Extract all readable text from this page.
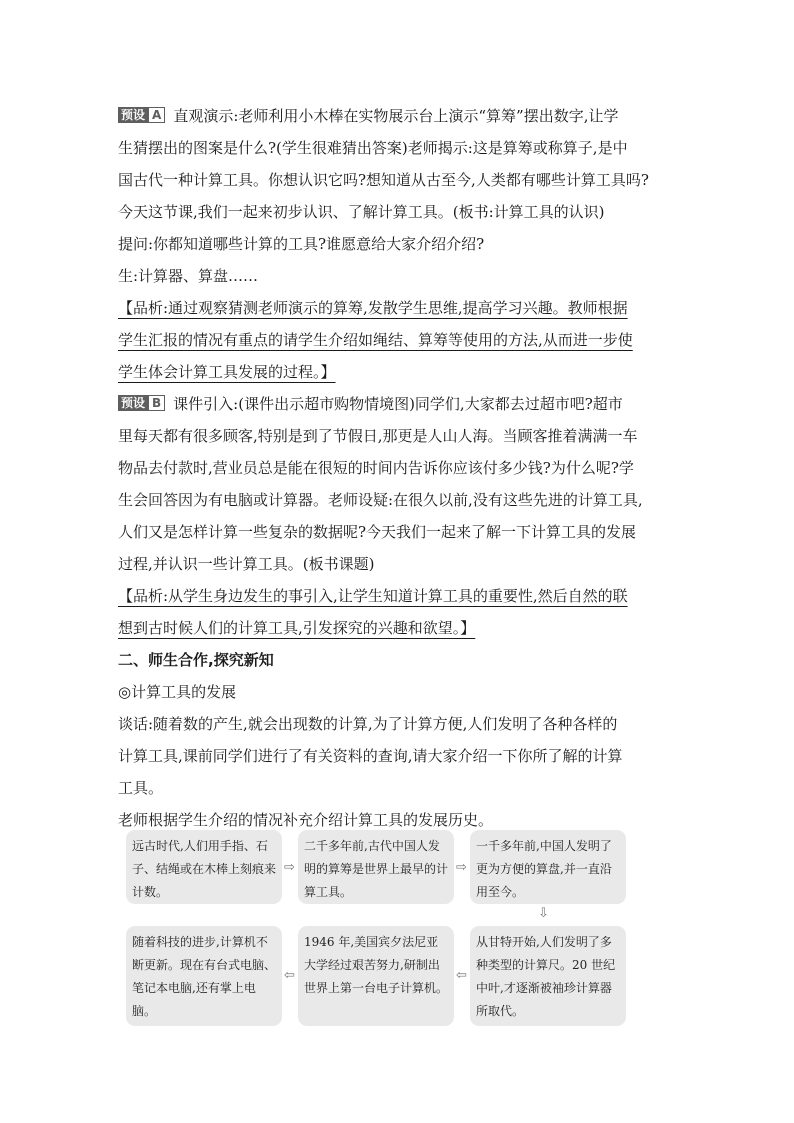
预设 A 直观演示:老师利用小木棒在实物展示台上演示“算筹”摆出数字,让学

生猜摆出的图案是什么?(学生很难猜出答案)老师揭示:这是算筹或称算子,是中

国古代一种计算工具。你想认识它吗?想知道从古至今,人类都有哪些计算工具吗?

今天这节课,我们一起来初步认识、了解计算工具。(板书:计算工具的认识)

提问:你都知道哪些计算的工具?谁愿意给大家介绍介绍?

生:计算器、算盘……

【品析:通过观察猜测老师演示的算筹,发散学生思维,提高学习兴趣。教师根据

学生汇报的情况有重点的请学生介绍如绳结、算筹等使用的方法,从而进一步使

学生体会计算工具发展的过程。】

预设 B 课件引入:(课件出示超市购物情境图)同学们,大家都去过超市吧?超市

里每天都有很多顾客,特别是到了节假日,那更是人山人海。当顾客推着满满一车

物品去付款时,营业员总是能在很短的时间内告诉你应该付多少钱?为什么呢?学

生会回答因为有电脑或计算器。老师设疑:在很久以前,没有这些先进的计算工具,

人们又是怎样计算一些复杂的数据呢?今天我们一起来了解一下计算工具的发展

过程,并认识一些计算工具。(板书课题)

【品析:从学生身边发生的事引入,让学生知道计算工具的重要性,然后自然的联

想到古时候人们的计算工具,引发探究的兴趣和欲望。】

二、师生合作,探究新知

◎计算工具的发展

谈话:随着数的产生,就会出现数的计算,为了计算方便,人们发明了各种各样的

计算工具,课前同学们进行了有关资料的查询,请大家介绍一下你所了解的计算

工具。

老师根据学生介绍的情况补充介绍计算工具的发展历史。

远古时代,人们用手指、石子、结绳或在木棒上刻痕来计数。
⇨
二千多年前,古代中国人发明的算筹是世界上最早的计算工具。
⇨
一千多年前,中国人发明了更为方便的算盘,并一直沿用至今。
⇩
随着科技的进步,计算机不断更新。现在有台式电脑、笔记本电脑,还有掌上电脑。
⇦
1946 年,美国宾夕法尼亚大学经过艰苦努力,研制出世界上第一台电子计算机。
⇦
从甘特开始,人们发明了多种类型的计算尺。20 世纪中叶,才逐渐被袖珍计算器所取代。
